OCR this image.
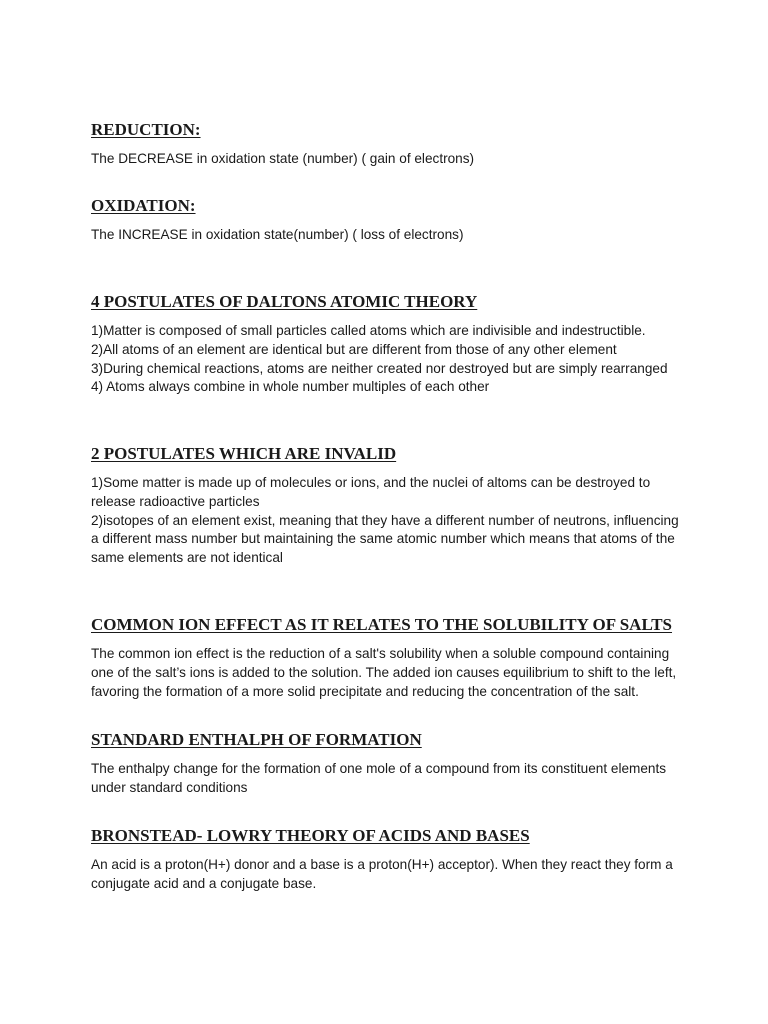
REDUCTION:

The DECREASE in oxidation state (number) ( gain of electrons)

OXIDATION:

The INCREASE in oxidation state(number) ( loss of electrons)

4 POSTULATES OF DALTONS ATOMIC THEORY
1)Matter is composed of small particles called atoms which are indivisible and indestructible.
2)All atoms of an element are identical but are different from those of any other element
3)During chemical reactions, atoms are neither created nor destroyed but are simply rearranged
4) Atoms always combine in whole number multiples of each other
2 POSTULATES WHICH ARE INVALID
1)Some matter is made up of molecules or ions, and the nuclei of altoms can be destroyed to release radioactive particles
2)isotopes of an element exist, meaning that they have a different number of neutrons, influencing a different mass number but maintaining the same atomic number which means that atoms of the same elements are not identical
COMMON ION EFFECT AS IT RELATES TO THE SOLUBILITY OF SALTS

The common ion effect is the reduction of a salt's solubility when a soluble compound containing one of the salt’s ions is added to the solution. The added ion causes equilibrium to shift to the left, favoring the formation of a more solid precipitate and reducing the concentration of the salt.

STANDARD ENTHALPH OF FORMATION

The enthalpy change for the formation of one mole of a compound from its constituent elements under standard conditions

BRONSTEAD- LOWRY THEORY OF ACIDS AND BASES

An acid is a proton(H+) donor and a base is a proton(H+) acceptor). When they react they form a conjugate acid and a conjugate base.
